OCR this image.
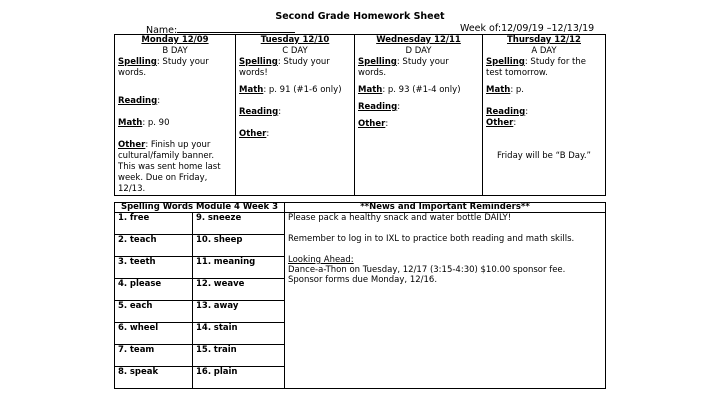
Second Grade Homework Sheet
Name:	Week of:12/09/19 –12/13/19
Monday 12/09
B DAY
Spelling: Study your words.
Reading:
Math: p. 90
Other: Finish up your cultural/family banner. This was sent home last week. Due on Friday, 12/13.

Tuesday 12/10
C DAY
Spelling: Study your words!
Math: p. 91 (#1-6 only)
Reading:
Other:

Wednesday 12/11
D DAY
Spelling: Study your words.
Math: p. 93 (#1-4 only)
Reading:
Other:

Thursday 12/12
A DAY
Spelling: Study for the test tomorrow.
Math: p.
Reading:
Other:
Friday will be “B Day.”
Spelling Words Module 4 Week 3		**News and Important Reminders**
1. free	9. sneeze	Please pack a healthy snack and water bottle DAILY!

Remember to log in to IXL to practice both reading and math skills.

Looking Ahead:

Dance-a-Thon on Tuesday, 12/17 (3:15-4:30) $10.00 sponsor fee.

Sponsor forms due Monday, 12/16.

2. teach	10. sheep	
3. teeth	11. meaning	
4. please	12. weave	
5. each	13. away	
6. wheel	14. stain	
7. team	15. train	
8. speak	16. plain	
